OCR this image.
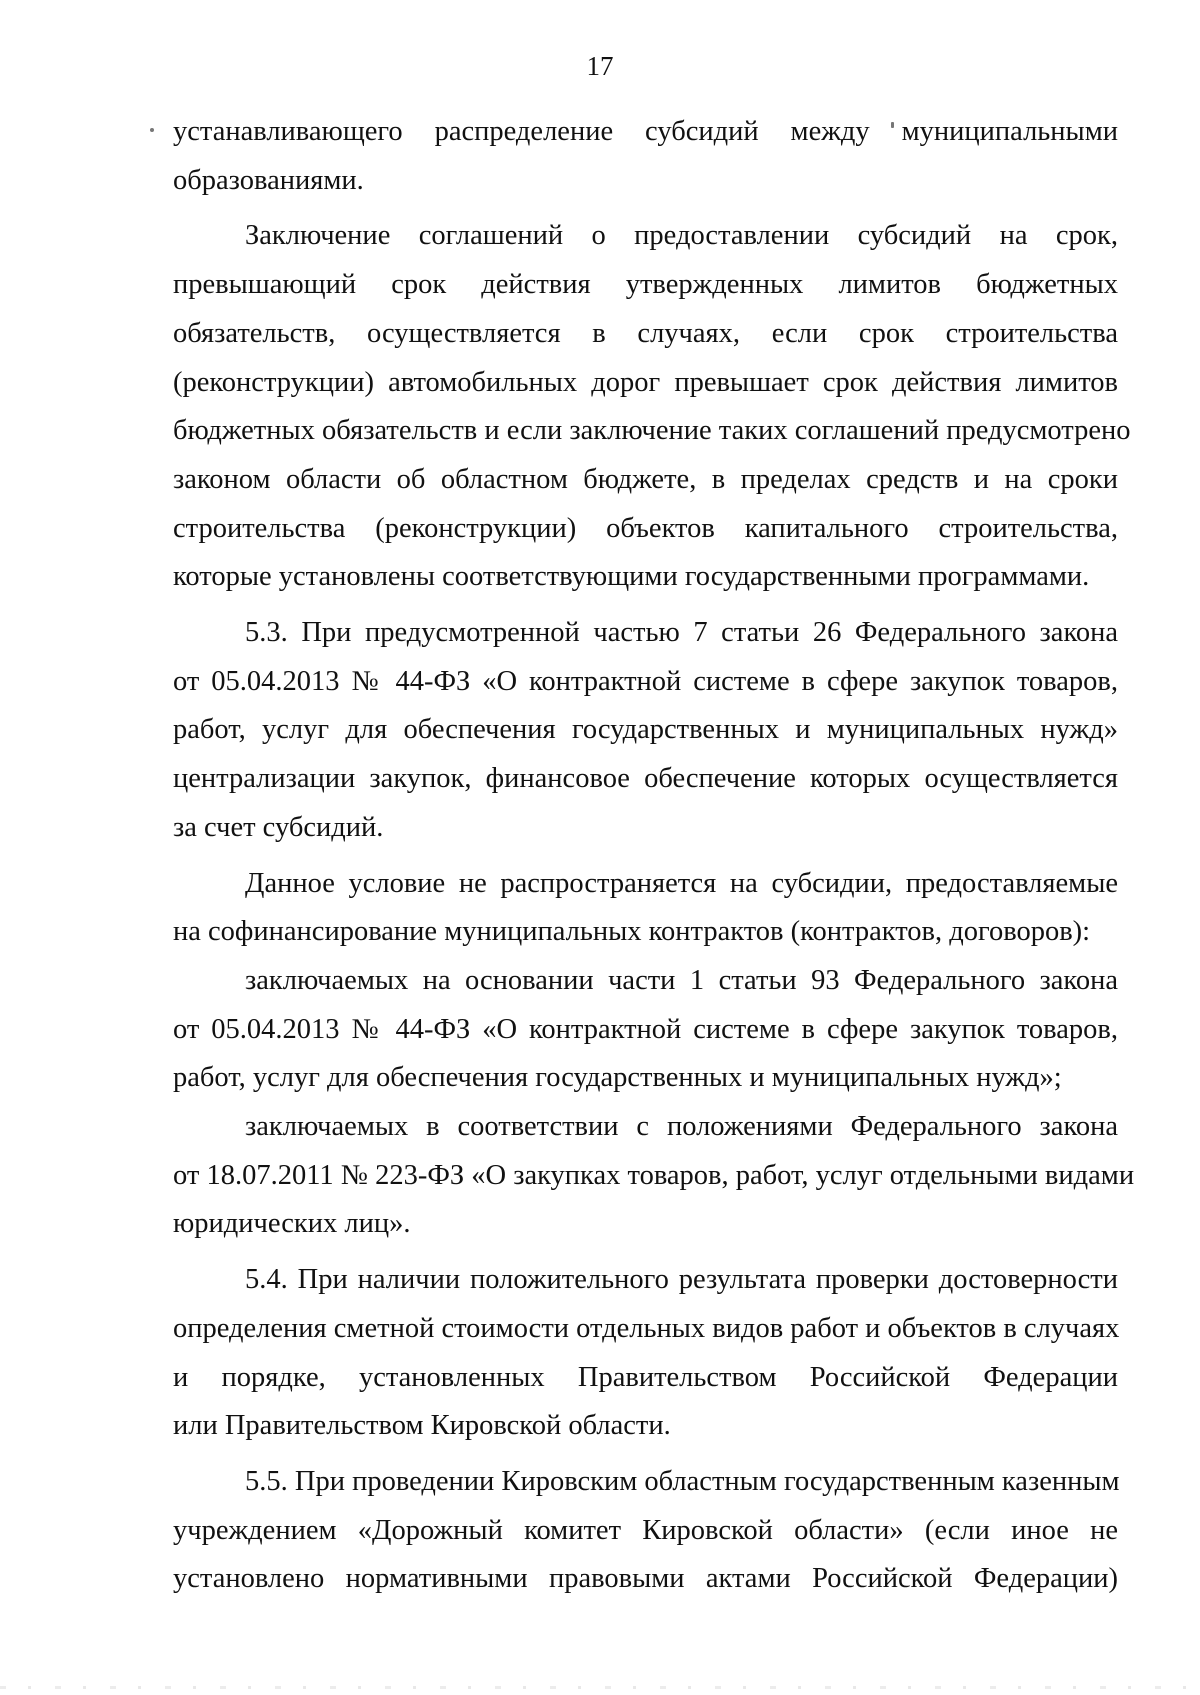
17

устанавливающего распределение субсидий между муниципальными
образованиями.

Заключение соглашений о предоставлении субсидий на срок,
превышающий срок действия утвержденных лимитов бюджетных
обязательств, осуществляется в случаях, если срок строительства
(реконструкции) автомобильных дорог превышает срок действия лимитов
бюджетных обязательств и если заключение таких соглашений предусмотрено
законом области об областном бюджете, в пределах средств и на сроки
строительства (реконструкции) объектов капитального строительства,
которые установлены соответствующими государственными программами.

5.3. При предусмотренной частью 7 статьи 26 Федерального закона
от 05.04.2013 № 44-ФЗ «О контрактной системе в сфере закупок товаров,
работ, услуг для обеспечения государственных и муниципальных нужд»
централизации закупок, финансовое обеспечение которых осуществляется
за счет субсидий.

Данное условие не распространяется на субсидии, предоставляемые
на софинансирование муниципальных контрактов (контрактов, договоров):

заключаемых на основании части 1 статьи 93 Федерального закона
от 05.04.2013 № 44-ФЗ «О контрактной системе в сфере закупок товаров,
работ, услуг для обеспечения государственных и муниципальных нужд»;

заключаемых в соответствии с положениями Федерального закона
от 18.07.2011 № 223-ФЗ «О закупках товаров, работ, услуг отдельными видами
юридических лиц».

5.4. При наличии положительного результата проверки достоверности
определения сметной стоимости отдельных видов работ и объектов в случаях
и порядке, установленных Правительством Российской Федерации
или Правительством Кировской области.

5.5. При проведении Кировским областным государственным казенным
учреждением «Дорожный комитет Кировской области» (если иное не
установлено нормативными правовыми актами Российской Федерации)
